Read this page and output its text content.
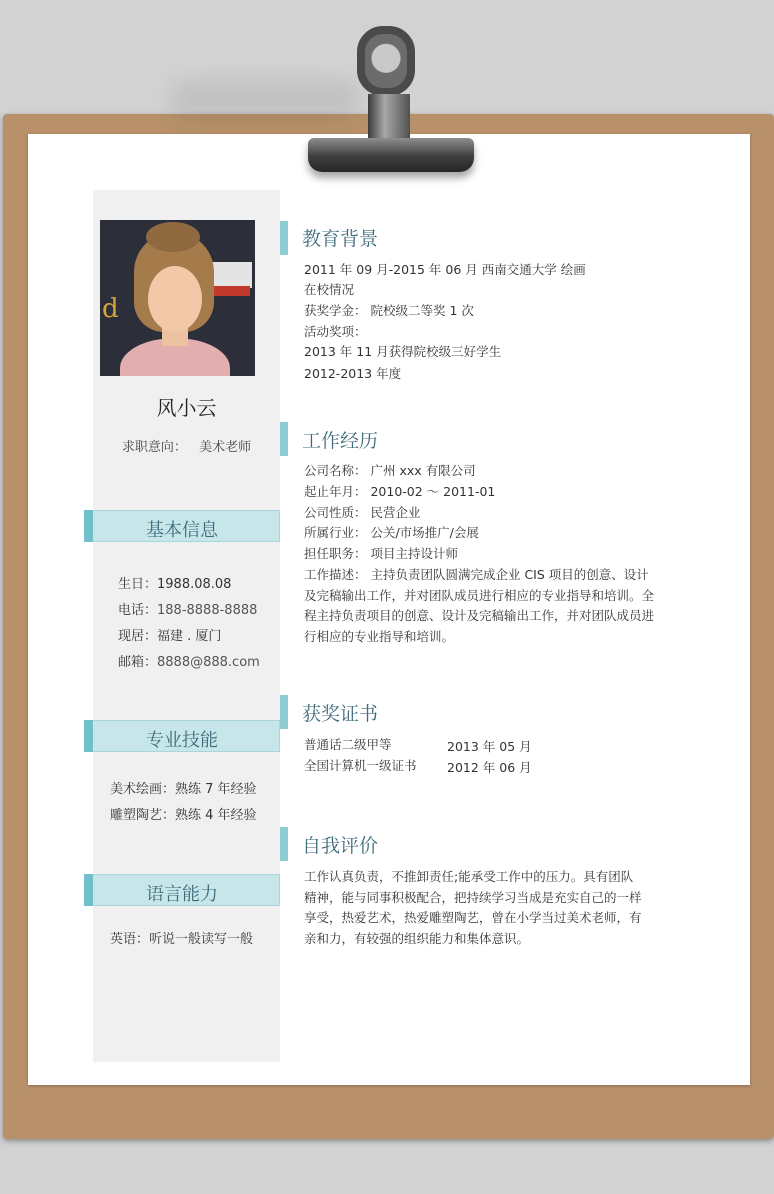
d
风小云
求职意向： 美术老师
基本信息
生日：1988.08.08
电话：188-8888-8888
现居：福建 . 厦门
邮箱：8888@888.com
专业技能
美术绘画：熟练 7 年经验
雕塑陶艺：熟练 4 年经验
语言能力
英语：听说一般读写一般
教育背景
2011 年 09 月-2015 年 06 月 西南交通大学 绘画
在校情况
获奖学金： 院校级二等奖 1 次
活动奖项：
2013 年 11 月获得院校级三好学生
2012-2013 年度
工作经历
公司名称： 广州 xxx 有限公司
起止年月： 2010-02 ～ 2011-01
公司性质： 民营企业
所属行业： 公关/市场推广/会展
担任职务： 项目主持设计师
工作描述： 主持负责团队圆满完成企业 CIS 项目的创意、设计及完稿输出工作，并对团队成员进行相应的专业指导和培训。全程主持负责项目的创意、设计及完稿输出工作，并对团队成员进行相应的专业指导和培训。
获奖证书
普通话二级甲等	2013 年 05 月
全国计算机一级证书 2012 年 06 月
自我评价
工作认真负责，不推卸责任;能承受工作中的压力。具有团队精神，能与同事积极配合，把持续学习当成是充实自己的一样享受，热爱艺术，热爱雕塑陶艺，曾在小学当过美术老师，有亲和力，有较强的组织能力和集体意识。
